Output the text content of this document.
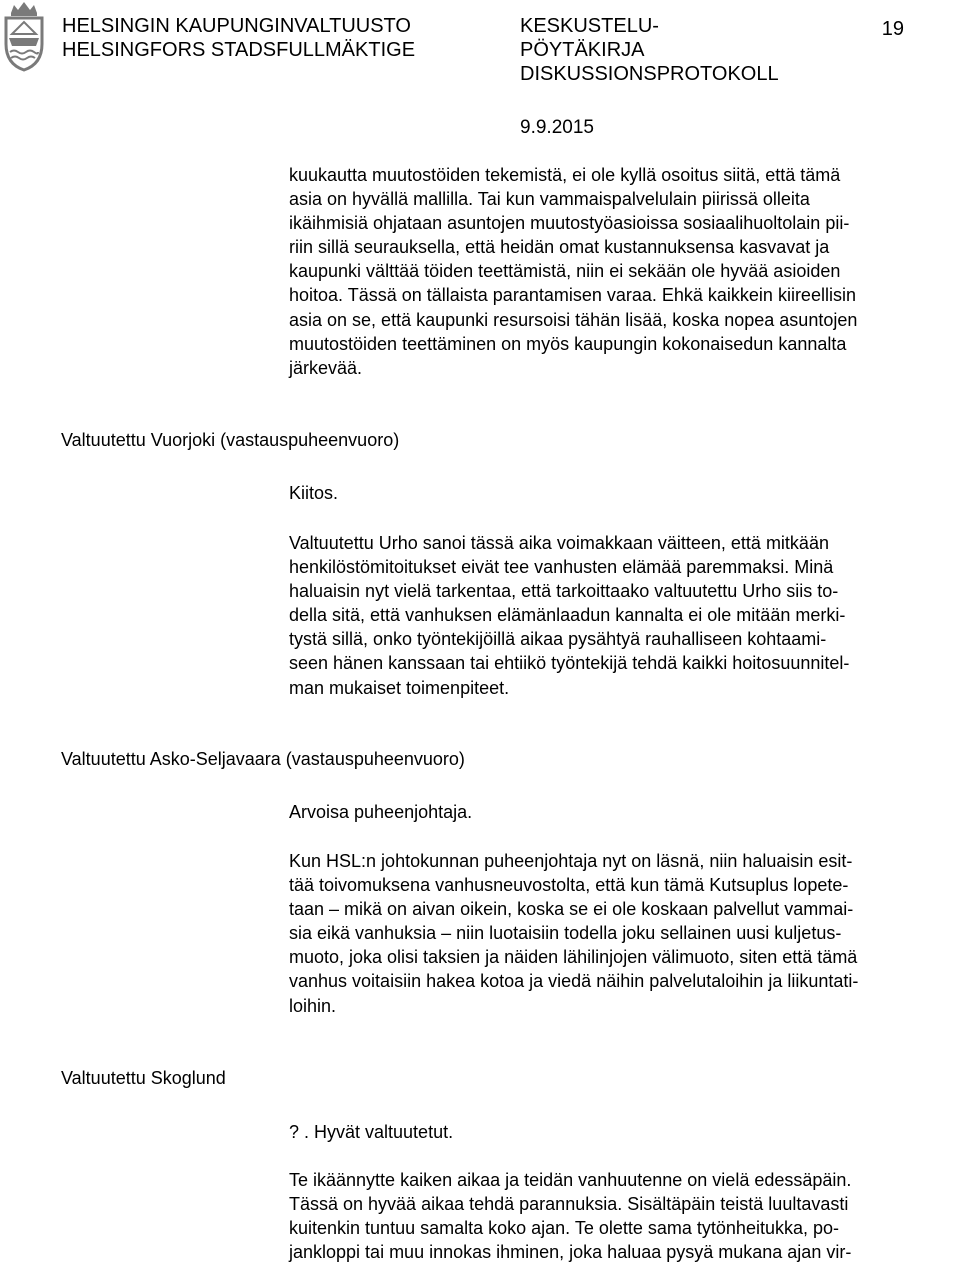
HELSINGIN KAUPUNGINVALTUUSTO
HELSINGFORS STADSFULLMÄKTIGE
KESKUSTELU-
PÖYTÄKIRJA
DISKUSSIONSPROTOKOLL
19
9.9.2015
kuukautta muutostöiden tekemistä, ei ole kyllä osoitus siitä, että tämä
asia on hyvällä mallilla. Tai kun vammaispalvelulain piirissä olleita
ikäihmisiä ohjataan asuntojen muutostyöasioissa sosiaalihuoltolain pii-
riin sillä seurauksella, että heidän omat kustannuksensa kasvavat ja
kaupunki välttää töiden teettämistä, niin ei sekään ole hyvää asioiden
hoitoa. Tässä on tällaista parantamisen varaa. Ehkä kaikkein kiireellisin
asia on se, että kaupunki resursoisi tähän lisää, koska nopea asuntojen
muutostöiden teettäminen on myös kaupungin kokonaisedun kannalta
järkevää.
Valtuutettu Vuorjoki (vastauspuheenvuoro)
Kiitos.
Valtuutettu Urho sanoi tässä aika voimakkaan väitteen, että mitkään
henkilöstömitoitukset eivät tee vanhusten elämää paremmaksi. Minä
haluaisin nyt vielä tarkentaa, että tarkoittaako valtuutettu Urho siis to-
della sitä, että vanhuksen elämänlaadun kannalta ei ole mitään merki-
tystä sillä, onko työntekijöillä aikaa pysähtyä rauhalliseen kohtaami-
seen hänen kanssaan tai ehtiikö työntekijä tehdä kaikki hoitosuunnitel-
man mukaiset toimenpiteet.
Valtuutettu Asko-Seljavaara (vastauspuheenvuoro)
Arvoisa puheenjohtaja.
Kun HSL:n johtokunnan puheenjohtaja nyt on läsnä, niin haluaisin esit-
tää toivomuksena vanhusneuvostolta, että kun tämä Kutsuplus lopete-
taan – mikä on aivan oikein, koska se ei ole koskaan palvellut vammai-
sia eikä vanhuksia – niin luotaisiin todella joku sellainen uusi kuljetus-
muoto, joka olisi taksien ja näiden lähilinjojen välimuoto, siten että tämä
vanhus voitaisiin hakea kotoa ja viedä näihin palvelutaloihin ja liikuntati-
loihin.
Valtuutettu Skoglund
? . Hyvät valtuutetut.
Te ikäännytte kaiken aikaa ja teidän vanhuutenne on vielä edessäpäin.
Tässä on hyvää aikaa tehdä parannuksia. Sisältäpäin teistä luultavasti
kuitenkin tuntuu samalta koko ajan. Te olette sama tytönheitukka, po-
jankloppi tai muu innokas ihminen, joka haluaa pysyä mukana ajan vir-
